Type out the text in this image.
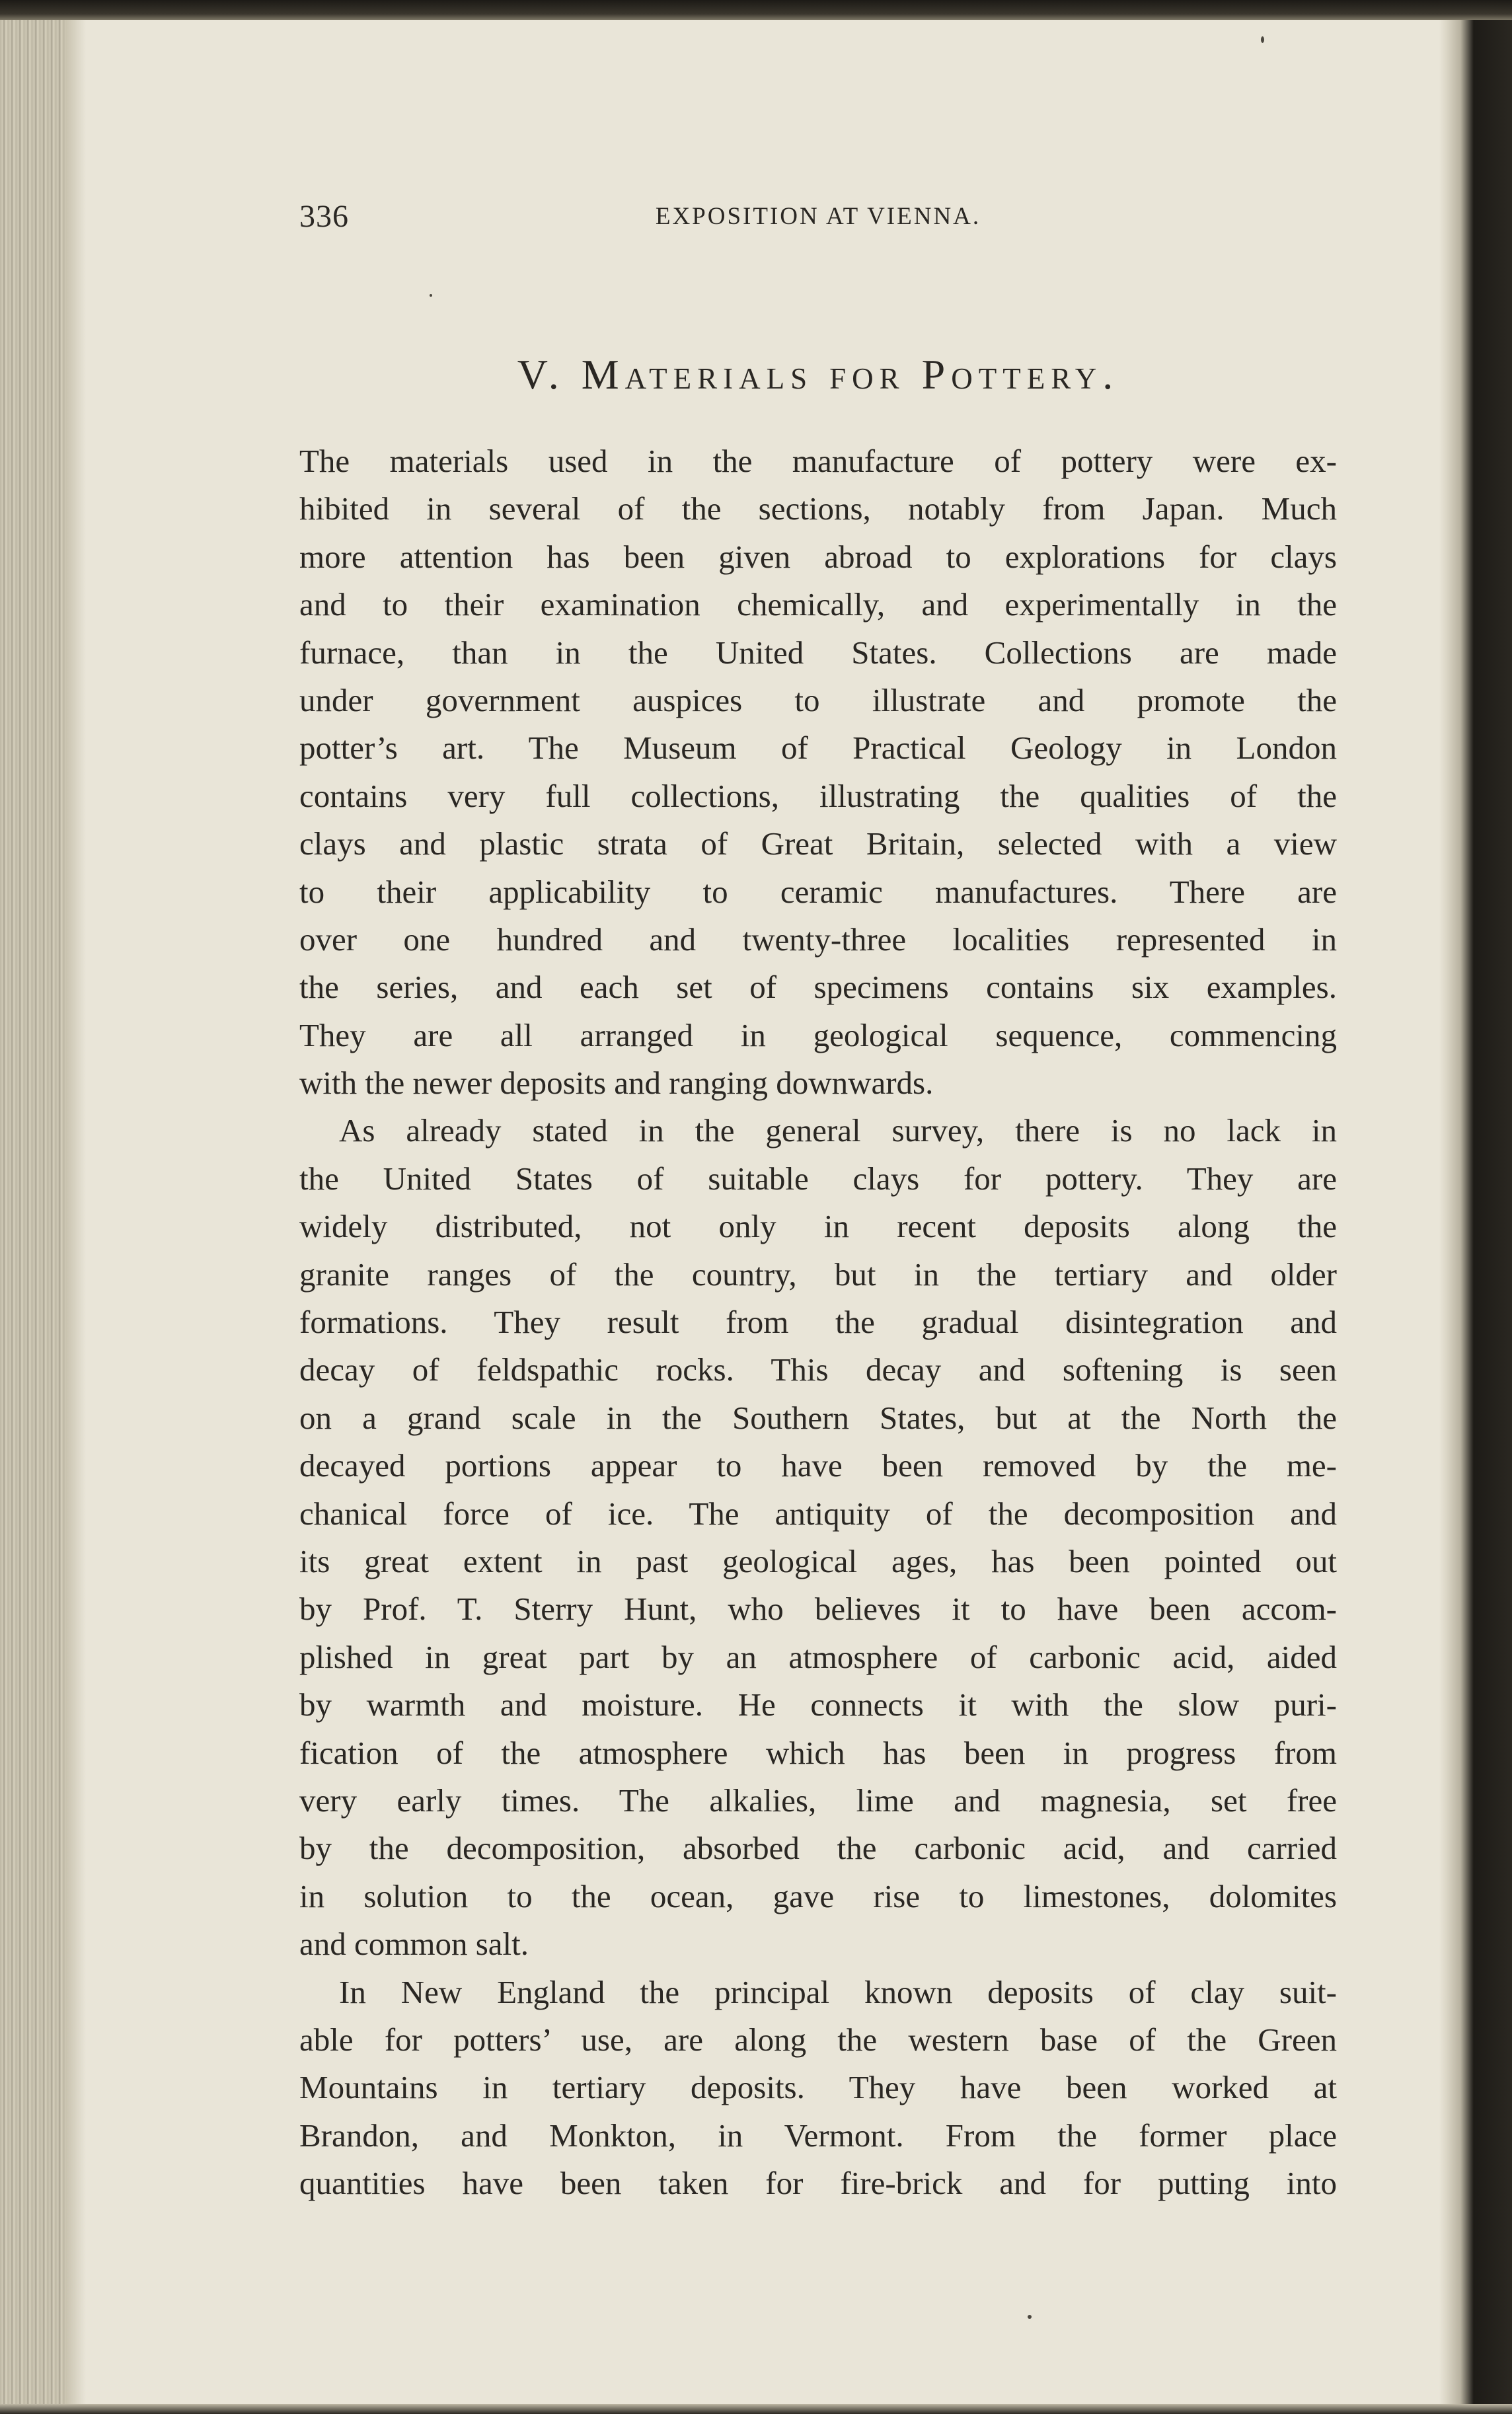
336	EXPOSITION AT VIENNA.
V. Materials for Pottery.

The materials used in the manufacture of pottery were ex-
hibited in several of the sections, notably from Japan. Much
more attention has been given abroad to explorations for clays
and to their examination chemically, and experimentally in the
furnace, than in the United States. Collections are made
under government auspices to illustrate and promote the
potter’s art. The Museum of Practical Geology in London
contains very full collections, illustrating the qualities of the
clays and plastic strata of Great Britain, selected with a view
to their applicability to ceramic manufactures. There are
over one hundred and twenty-three localities represented in
the series, and each set of specimens contains six examples.
They are all arranged in geological sequence, commencing
with the newer deposits and ranging downwards.

As already stated in the general survey, there is no lack in
the United States of suitable clays for pottery. They are
widely distributed, not only in recent deposits along the
granite ranges of the country, but in the tertiary and older
formations. They result from the gradual disintegration and
decay of feldspathic rocks. This decay and softening is seen
on a grand scale in the Southern States, but at the North the
decayed portions appear to have been removed by the me-
chanical force of ice. The antiquity of the decomposition and
its great extent in past geological ages, has been pointed out
by Prof. T. Sterry Hunt, who believes it to have been accom-
plished in great part by an atmosphere of carbonic acid, aided
by warmth and moisture. He connects it with the slow puri-
fication of the atmosphere which has been in progress from
very early times. The alkalies, lime and magnesia, set free
by the decomposition, absorbed the carbonic acid, and carried
in solution to the ocean, gave rise to limestones, dolomites
and common salt.

In New England the principal known deposits of clay suit-
able for potters’ use, are along the western base of the Green
Mountains in tertiary deposits. They have been worked at
Brandon, and Monkton, in Vermont. From the former place
quantities have been taken for fire-brick and for putting into
